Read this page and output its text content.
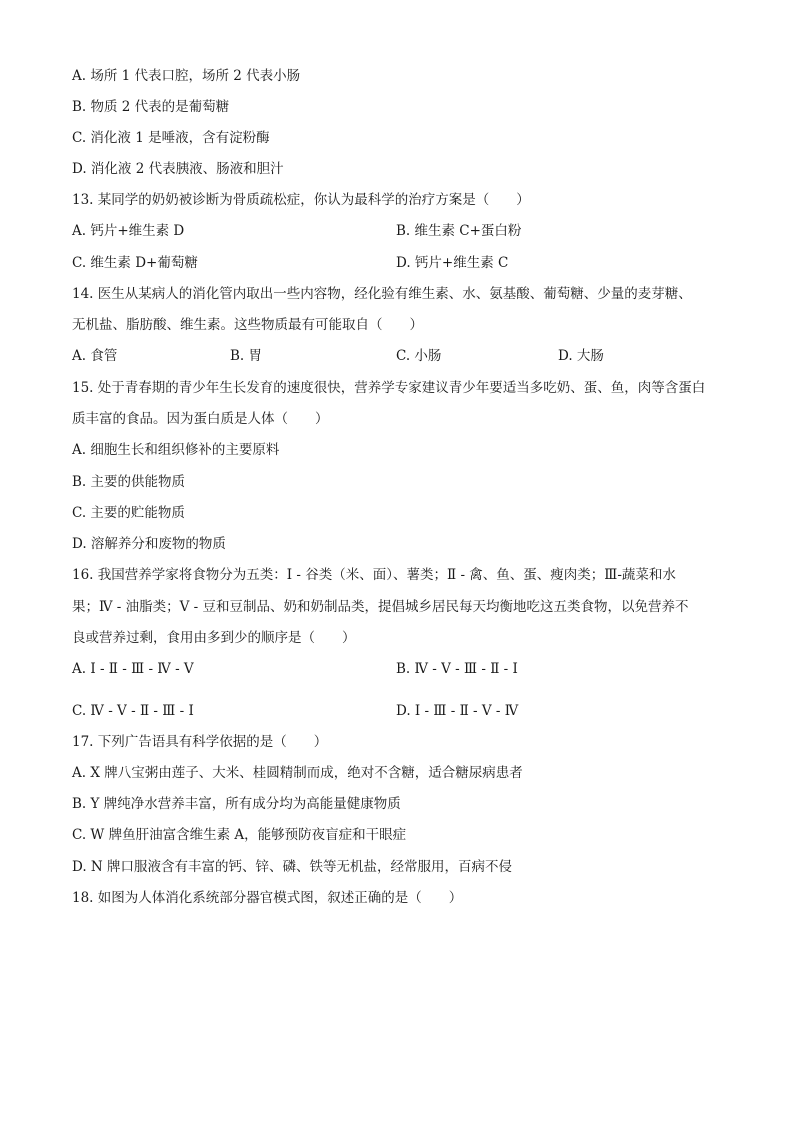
A. 场所 1 代表口腔，场所 2 代表小肠
B. 物质 2 代表的是葡萄糖
C. 消化液 1 是唾液，含有淀粉酶
D. 消化液 2 代表胰液、肠液和胆汁
13. 某同学的奶奶被诊断为骨质疏松症，你认为最科学的治疗方案是（　　）
A. 钙片+维生素 D	B. 维生素 C+蛋白粉
C. 维生素 D+葡萄糖	D. 钙片+维生素 C
14. 医生从某病人的消化管内取出一些内容物，经化验有维生素、水、氨基酸、葡萄糖、少量的麦芽糖、
无机盐、脂肪酸、维生素。这些物质最有可能取自（　　）
A. 食管	B. 胃	C. 小肠	D. 大肠
15. 处于青春期的青少年生长发育的速度很快，营养学专家建议青少年要适当多吃奶、蛋、鱼，肉等含蛋白
质丰富的食品。因为蛋白质是人体（　　）
A. 细胞生长和组织修补的主要原料
B. 主要的供能物质
C. 主要的贮能物质
D. 溶解养分和废物的物质
16. 我国营养学家将食物分为五类：Ⅰ - 谷类（米、面）、薯类；Ⅱ - 禽、鱼、蛋、瘦肉类；Ⅲ-蔬菜和水
果；Ⅳ - 油脂类；Ⅴ - 豆和豆制品、奶和奶制品类，提倡城乡居民每天均衡地吃这五类食物，以免营养不
良或营养过剩，食用由多到少的顺序是（　　）
A. Ⅰ - Ⅱ - Ⅲ - Ⅳ - Ⅴ	B. Ⅳ - Ⅴ - Ⅲ - Ⅱ - Ⅰ
C. Ⅳ - Ⅴ - Ⅱ - Ⅲ - Ⅰ	D. Ⅰ - Ⅲ - Ⅱ - Ⅴ - Ⅳ
17. 下列广告语具有科学依据的是（　　）
A. X 牌八宝粥由莲子、大米、桂圆精制而成，绝对不含糖，适合糖尿病患者
B. Y 牌纯净水营养丰富，所有成分均为高能量健康物质
C. W 牌鱼肝油富含维生素 A，能够预防夜盲症和干眼症
D. N 牌口服液含有丰富的钙、锌、磷、铁等无机盐，经常服用，百病不侵
18. 如图为人体消化系统部分器官模式图，叙述正确的是（　　）
